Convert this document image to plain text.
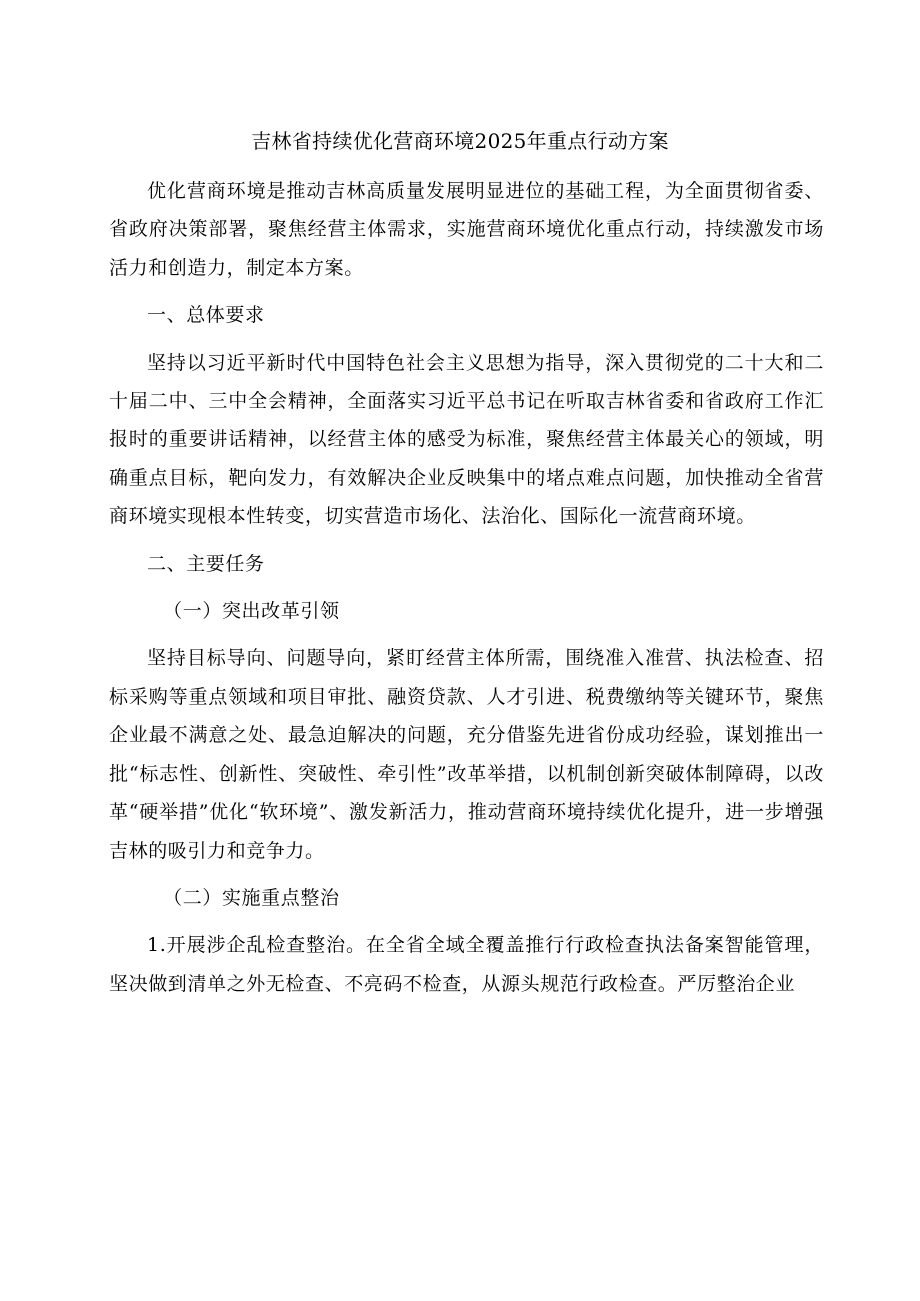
吉林省持续优化营商环境2025年重点行动方案

优化营商环境是推动吉林高质量发展明显进位的基础工程，为全面贯彻省委、省政府决策部署，聚焦经营主体需求，实施营商环境优化重点行动，持续激发市场活力和创造力，制定本方案。

一、总体要求

坚持以习近平新时代中国特色社会主义思想为指导，深入贯彻党的二十大和二十届二中、三中全会精神，全面落实习近平总书记在听取吉林省委和省政府工作汇报时的重要讲话精神，以经营主体的感受为标准，聚焦经营主体最关心的领域，明确重点目标，靶向发力，有效解决企业反映集中的堵点难点问题，加快推动全省营商环境实现根本性转变，切实营造市场化、法治化、国际化一流营商环境。

二、主要任务

（一）突出改革引领

坚持目标导向、问题导向，紧盯经营主体所需，围绕准入准营、执法检查、招标采购等重点领域和项目审批、融资贷款、人才引进、税费缴纳等关键环节，聚焦企业最不满意之处、最急迫解决的问题，充分借鉴先进省份成功经验，谋划推出一批“标志性、创新性、突破性、牵引性”改革举措，以机制创新突破体制障碍，以改革“硬举措”优化“软环境”、激发新活力，推动营商环境持续优化提升，进一步增强吉林的吸引力和竞争力。

（二）实施重点整治

1.开展涉企乱检查整治。在全省全域全覆盖推行行政检查执法备案智能管理，坚决做到清单之外无检查、不亮码不检查，从源头规范行政检查。严厉整治企业
